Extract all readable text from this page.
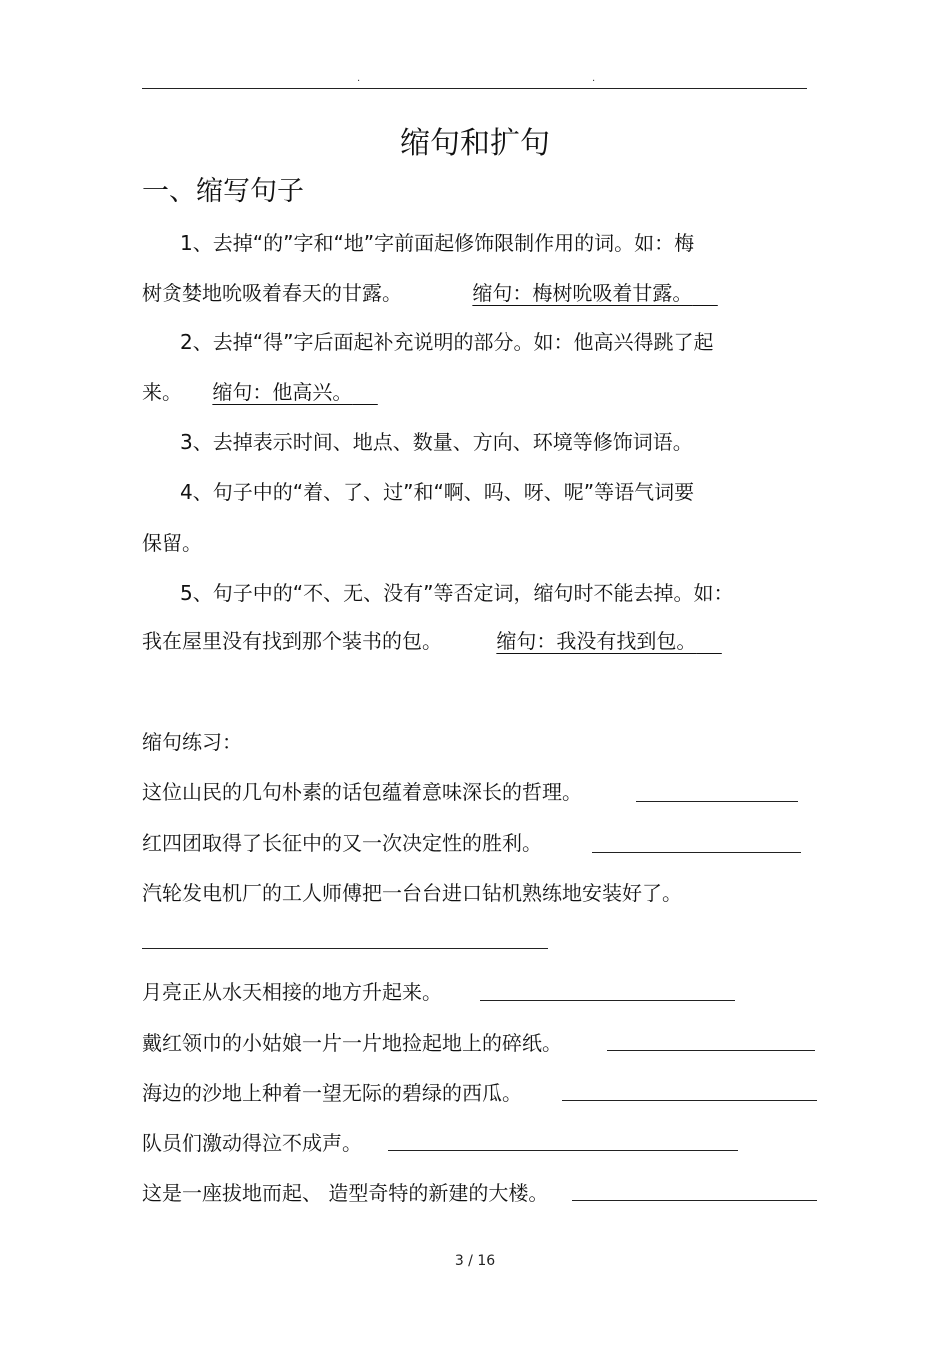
.	.
缩句和扩句
一、缩写句子
1、去掉“的”字和“地”字前面起修饰限制作用的词。如：梅
树贪婪地吮吸着春天的甘露。	缩句：梅树吮吸着甘露。
2、去掉“得”字后面起补充说明的部分。如：他高兴得跳了起
来。 缩句：他高兴。
3、去掉表示时间、地点、数量、方向、环境等修饰词语。
4、句子中的“着、了、过”和“啊、吗、呀、呢”等语气词要
保留。
5、句子中的“不、无、没有”等否定词，缩句时不能去掉。如：
我在屋里没有找到那个装书的包。	缩句：我没有找到包。
缩句练习：
这位山民的几句朴素的话包蕴着意味深长的哲理。
红四团取得了长征中的又一次决定性的胜利。
汽轮发电机厂的工人师傅把一台台进口钻机熟练地安装好了。
月亮正从水天相接的地方升起来。
戴红领巾的小姑娘一片一片地捡起地上的碎纸。
海边的沙地上种着一望无际的碧绿的西瓜。
队员们激动得泣不成声。
这是一座拔地而起、 造型奇特的新建的大楼。
3 / 16
